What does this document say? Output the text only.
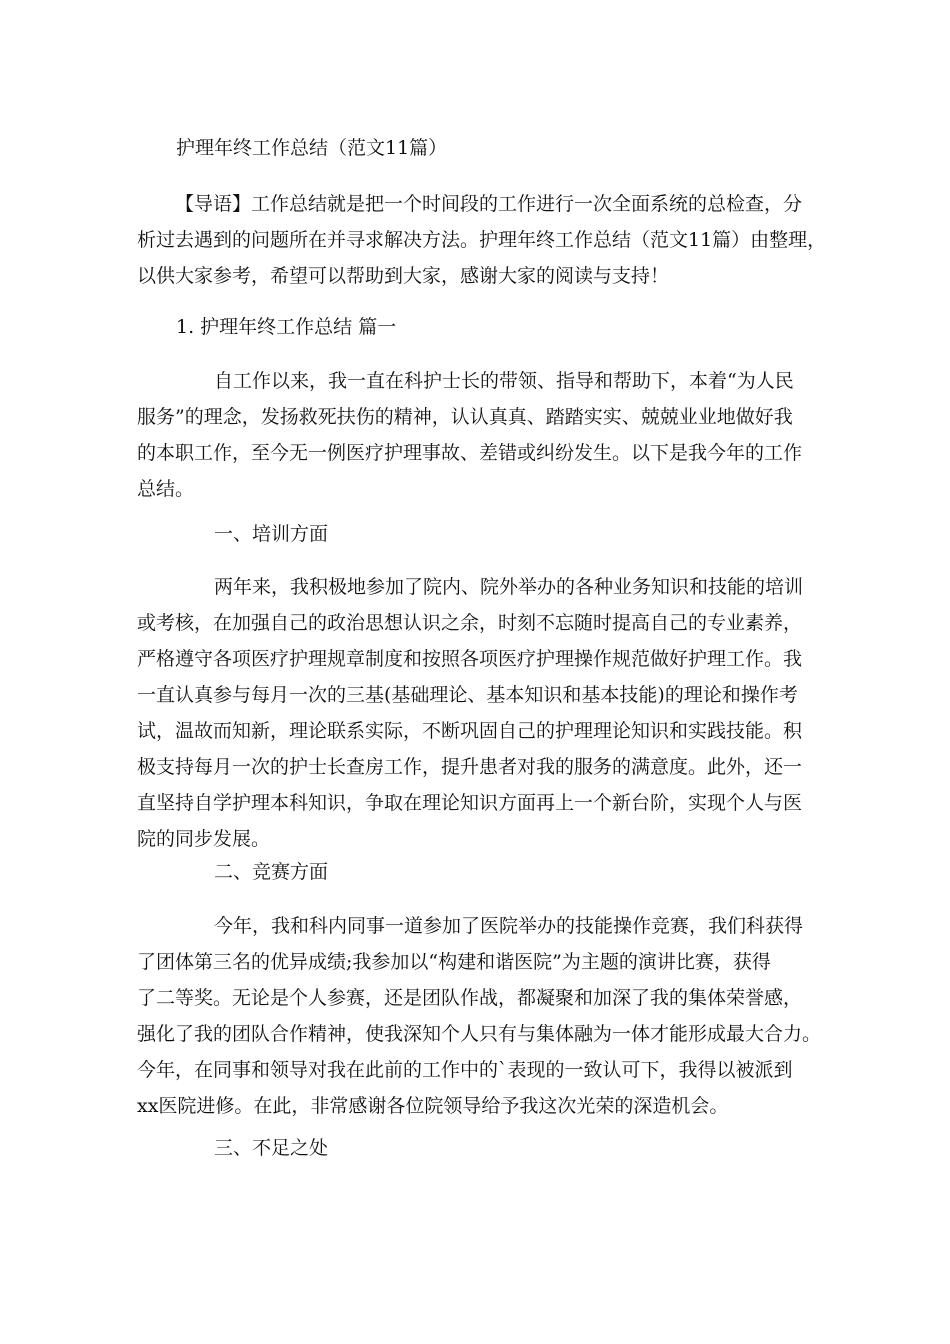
护理年终工作总结（范文11篇）
【导语】工作总结就是把一个时间段的工作进行一次全面系统的总检查，分
析过去遇到的问题所在并寻求解决方法。护理年终工作总结（范文11篇）由整理，
以供大家参考，希望可以帮助到大家，感谢大家的阅读与支持！
1. 护理年终工作总结 篇一
自工作以来，我一直在科护士长的带领、指导和帮助下，本着“为人民
服务”的理念，发扬救死扶伤的精神，认认真真、踏踏实实、兢兢业业地做好我
的本职工作，至今无一例医疗护理事故、差错或纠纷发生。以下是我今年的工作
总结。
一、培训方面
两年来，我积极地参加了院内、院外举办的各种业务知识和技能的培训
或考核，在加强自己的政治思想认识之余，时刻不忘随时提高自己的专业素养，
严格遵守各项医疗护理规章制度和按照各项医疗护理操作规范做好护理工作。我
一直认真参与每月一次的三基(基础理论、基本知识和基本技能)的理论和操作考
试，温故而知新，理论联系实际，不断巩固自己的护理理论知识和实践技能。积
极支持每月一次的护士长查房工作，提升患者对我的服务的满意度。此外，还一
直坚持自学护理本科知识，争取在理论知识方面再上一个新台阶，实现个人与医
院的同步发展。
二、竞赛方面
今年，我和科内同事一道参加了医院举办的技能操作竞赛，我们科获得
了团体第三名的优异成绩;我参加以“构建和谐医院”为主题的演讲比赛，获得
了二等奖。无论是个人参赛，还是团队作战，都凝聚和加深了我的集体荣誉感，
强化了我的团队合作精神，使我深知个人只有与集体融为一体才能形成最大合力。
今年，在同事和领导对我在此前的工作中的`表现的一致认可下，我得以被派到
xx医院进修。在此，非常感谢各位院领导给予我这次光荣的深造机会。
三、不足之处
